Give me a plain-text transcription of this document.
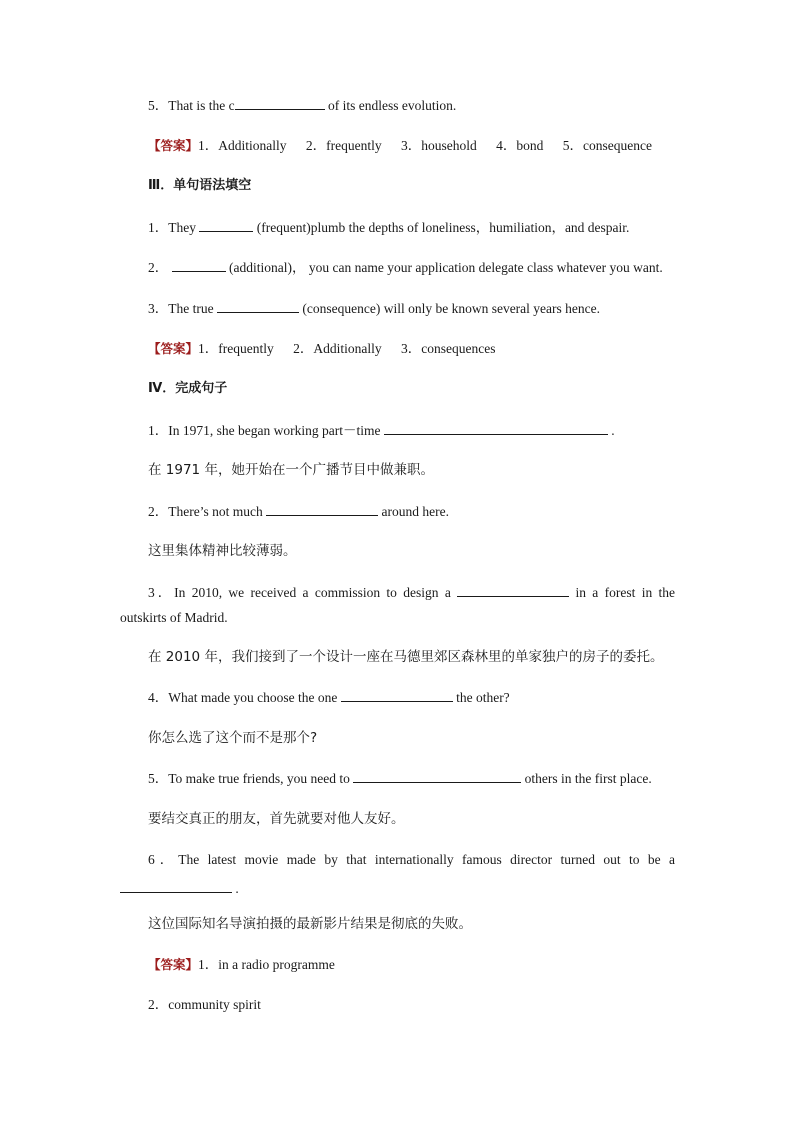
5．That is the c	of its endless evolution.
【答案】1．Additionally 2．frequently 3．household 4．bond 5．consequence
Ⅲ．单句语法填空
1．They	(frequent)plumb the depths of loneliness，humiliation，and despair.
2．	(additional)， you can name your application delegate class whatever you want.
3．The true	(consequence) will only be known several years hence.
【答案】1．frequently 2．Additionally 3．consequences
Ⅳ．完成句子
1．In 1971, she began working part－time	.
在 1971 年，她开始在一个广播节目中做兼职。
2．There’s not much	around here.
这里集体精神比较薄弱。
3．In 2010, we received a commission to design a	in a forest in the
outskirts of Madrid.
在 2010 年，我们接到了一个设计一座在马德里郊区森林里的单家独户的房子的委托。
4．What made you choose the one	the other?
你怎么选了这个而不是那个?
5．To make true friends, you need to	others in the first place.
要结交真正的朋友，首先就要对他人友好。
6．The latest movie made by that internationally famous director turned out to be a
.
这位国际知名导演拍摄的最新影片结果是彻底的失败。
【答案】1．in a radio programme
2．community spirit
